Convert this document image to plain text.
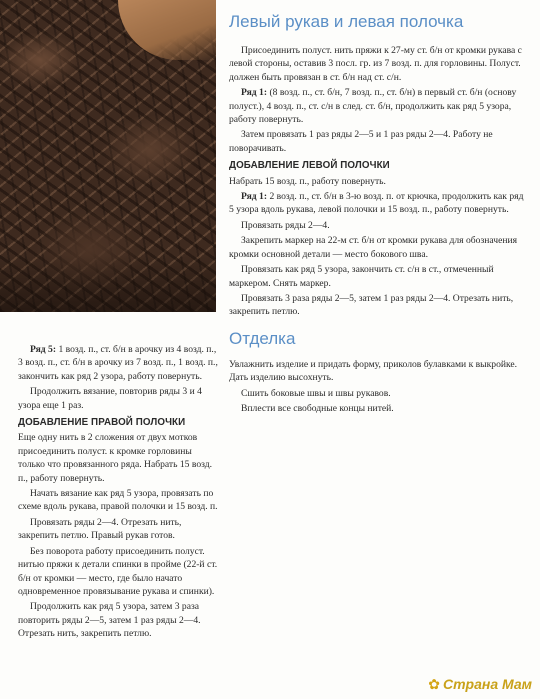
Левый рукав и левая полочка

Присоединить полуст. нить пряжи к 27-му ст. б/н от кромки рукава с левой стороны, оставив 3 посл. гр. из 7 возд. п. для горловины. Полуст. должен быть провязан в ст. б/н над ст. с/н.

Ряд 1: (8 возд. п., ст. б/н, 7 возд. п., ст. б/н) в первый ст. б/н (основу полуст.), 4 возд. п., ст. с/н в след. ст. б/н, продолжить как ряд 5 узора, работу повернуть.

Затем провязать 1 раз ряды 2—5 и 1 раз ряды 2—4. Работу не поворачивать.

ДОБАВЛЕНИЕ ЛЕВОЙ ПОЛОЧКИ

Набрать 15 возд. п., работу повернуть.

Ряд 1: 2 возд. п., ст. б/н в 3-ю возд. п. от крючка, продолжить как ряд 5 узора вдоль рукава, левой полочки и 15 возд. п., работу повернуть.

Провязать ряды 2—4.

Закрепить маркер на 22-м ст. б/н от кромки рукава для обозначения кромки основной детали — место бокового шва.

Провязать как ряд 5 узора, закончить ст. с/н в ст., отмеченный маркером. Снять маркер.

Провязать 3 раза ряды 2—5, затем 1 раз ряды 2—4. Отрезать нить, закрепить петлю.

Отделка

Увлажнить изделие и придать форму, приколов булавками к выкройке. Дать изделию высохнуть.

Сшить боковые швы и швы рукавов.

Вплести все свободные концы нитей.

Ряд 5: 1 возд. п., ст. б/н в арочку из 4 возд. п., 3 возд. п., ст. б/н в арочку из 7 возд. п., 1 возд. п., закончить как ряд 2 узора, работу повернуть.

Продолжить вязание, повторив ряды 3 и 4 узора еще 1 раз.

ДОБАВЛЕНИЕ ПРАВОЙ ПОЛОЧКИ

Еще одну нить в 2 сложения от двух мотков присоединить полуст. к кромке горловины только что провязанного ряда. Набрать 15 возд. п., работу повернуть.

Начать вязание как ряд 5 узора, провязать по схеме вдоль рукава, правой полочки и 15 возд. п.

Провязать ряды 2—4. Отрезать нить, закрепить петлю. Правый рукав готов.

Без поворота работу присоединить полуст. нитью пряжи к детали спинки в пройме (22-й ст. б/н от кромки — место, где было начато одновременное провязывание рукава и спинки).

Продолжить как ряд 5 узора, затем 3 раза повторить ряды 2—5, затем 1 раз ряды 2—4. Отрезать нить, закрепить петлю.

✿ Страна Мам
